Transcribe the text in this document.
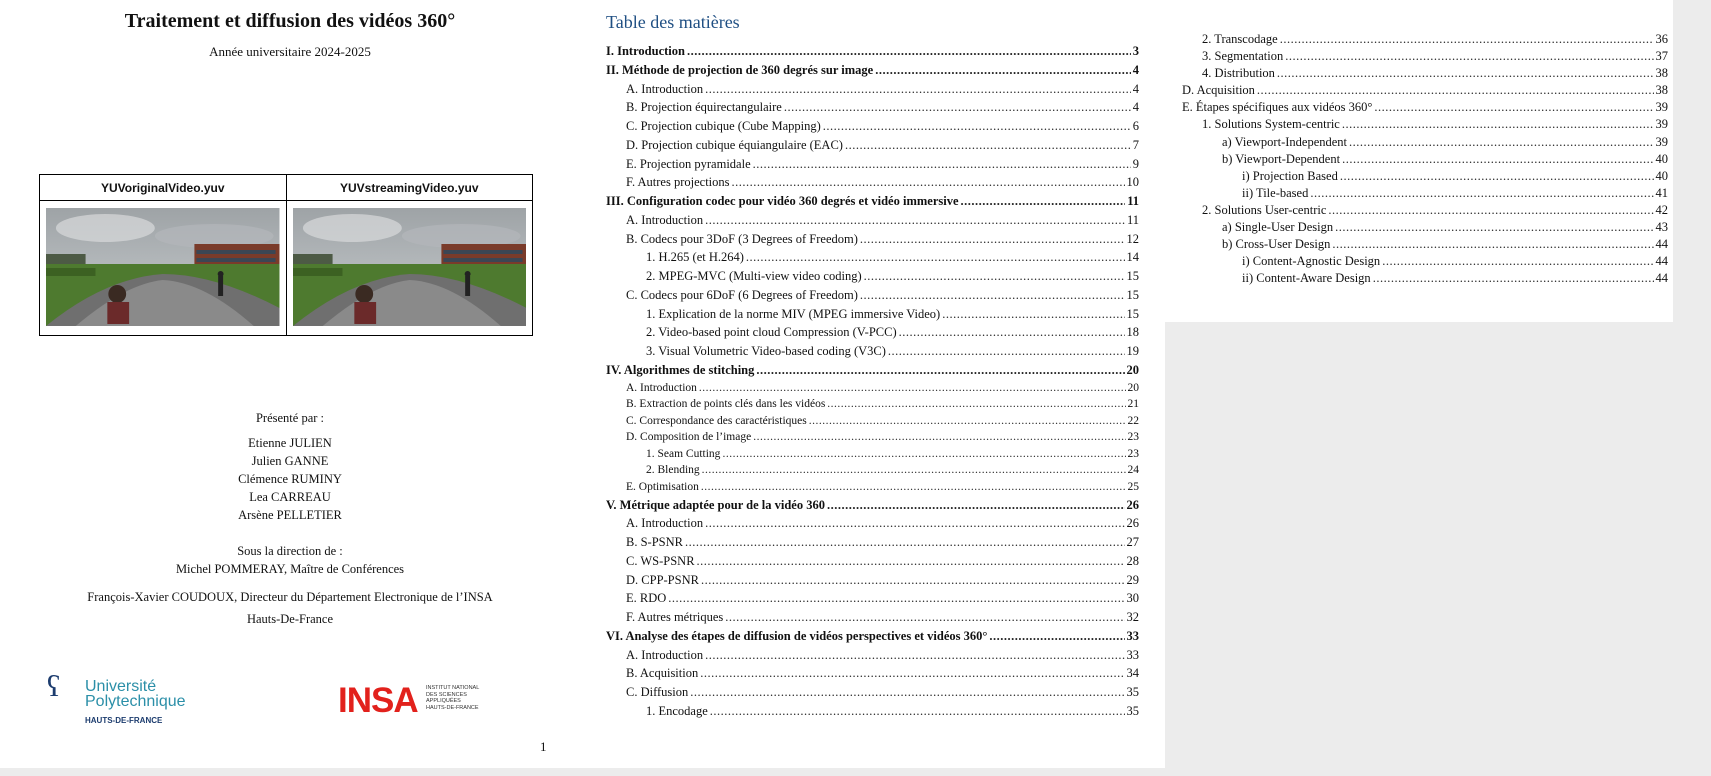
Traitement et diffusion des vidéos 360°
Année universitaire 2024-2025
YUVoriginalVideo.yuv	YUVstreamingVideo.yuv
Présenté par :
Etienne JULIEN
Julien GANNE
Clémence RUMINY
Lea CARREAU
Arsène PELLETIER
Sous la direction de :
Michel POMMERAY, Maître de Conférences
François-Xavier COUDOUX, Directeur du Département Electronique de l’INSA
Hauts-De-France
ʕ Université
Polytechnique
HAUTS-DE-FRANCE
INSA INSTITUT NATIONAL
DES SCIENCES
APPLIQUÉES
HAUTS-DE-FRANCE
1
Table des matières
I. Introduction .....	3
II. Méthode de projection de 360 degrés sur image .....	4
A. Introduction .....	4
B. Projection équirectangulaire .....	4
C. Projection cubique (Cube Mapping) .....	6
D. Projection cubique équiangulaire (EAC) .....	7
E. Projection pyramidale .....	9
F. Autres projections .....	10
III. Configuration codec pour vidéo 360 degrés et vidéo immersive .....	11
A. Introduction .....	11
B. Codecs pour 3DoF (3 Degrees of Freedom) .....	12
1. H.265 (et H.264) .....	14
2. MPEG-MVC (Multi-view video coding) .....	15
C. Codecs pour 6DoF (6 Degrees of Freedom) .....	15
1. Explication de la norme MIV (MPEG immersive Video) .....	15
2. Video-based point cloud Compression (V-PCC) .....	18
3. Visual Volumetric Video-based coding (V3C) .....	19
IV. Algorithmes de stitching .....	20
A. Introduction .....	20
B. Extraction de points clés dans les vidéos .....	21
C. Correspondance des caractéristiques .....	22
D. Composition de l’image .....	23
1. Seam Cutting .....	23
2. Blending .....	24
E. Optimisation .....	25
V. Métrique adaptée pour de la vidéo 360 .....	26
A. Introduction .....	26
B. S-PSNR .....	27
C. WS-PSNR .....	28
D. CPP-PSNR .....	29
E. RDO .....	30
F. Autres métriques .....	32
VI. Analyse des étapes de diffusion de vidéos perspectives et vidéos 360° .....	33
A. Introduction .....	33
B. Acquisition .....	34
C. Diffusion .....	35
1. Encodage .....	35
2. Transcodage .....	36
3. Segmentation .....	37
4. Distribution .....	38
D. Acquisition .....	38
E. Étapes spécifiques aux vidéos 360° .....	39
1. Solutions System-centric .....	39
a) Viewport-Independent .....	39
b) Viewport-Dependent .....	40
i) Projection Based .....	40
ii) Tile-based .....	41
2. Solutions User-centric .....	42
a) Single-User Design .....	43
b) Cross-User Design .....	44
i) Content-Agnostic Design .....	44
ii) Content-Aware Design .....	44
